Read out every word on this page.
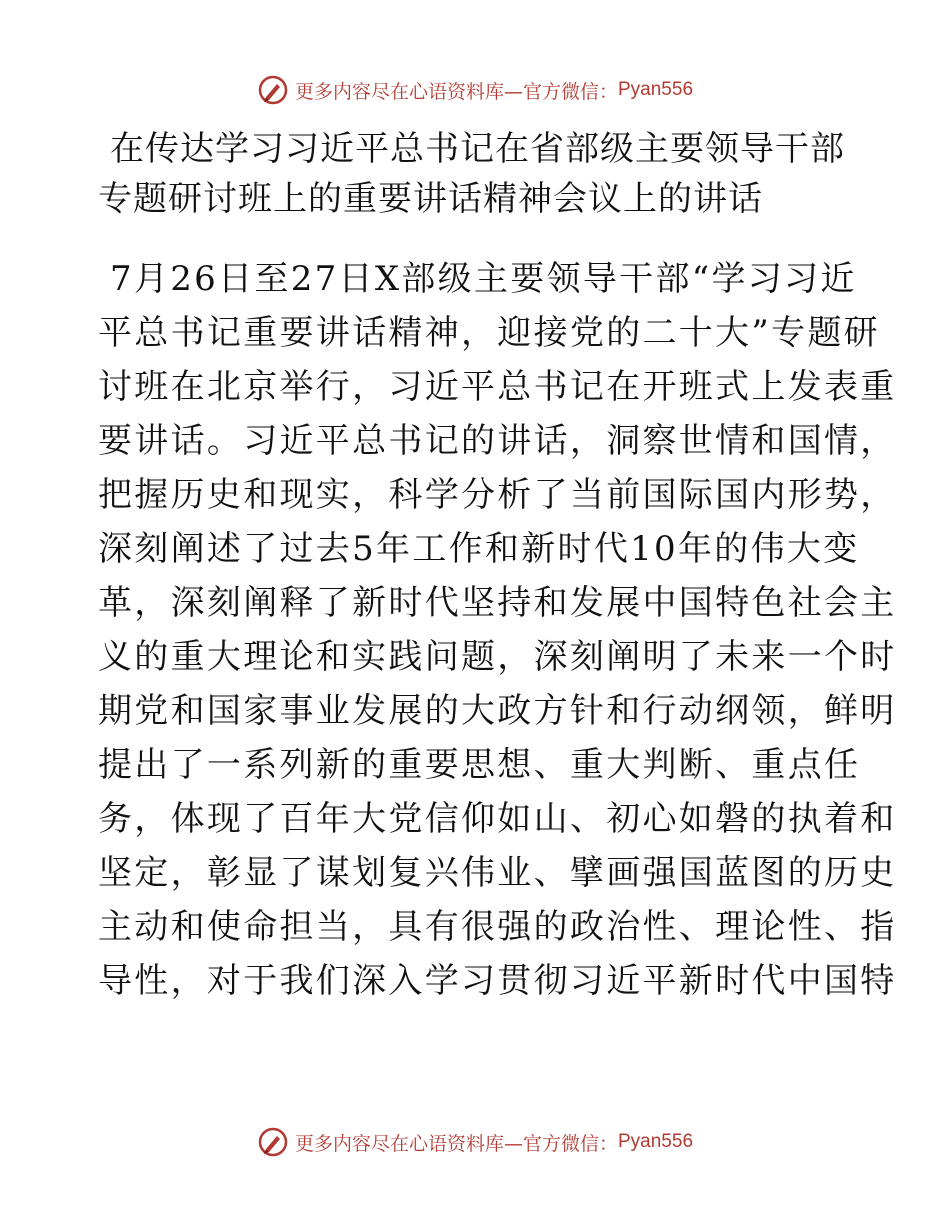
更多内容尽在心语资料库—官方微信： Pyan556
在传达学习习近平总书记在省部级主要领导干部
专题研讨班上的重要讲话精神会议上的讲话
7月26日至27日X部级主要领导干部“学习习近
平总书记重要讲话精神，迎接党的二十大”专题研
讨班在北京举行，习近平总书记在开班式上发表重
要讲话。习近平总书记的讲话，洞察世情和国情，
把握历史和现实，科学分析了当前国际国内形势，
深刻阐述了过去5年工作和新时代10年的伟大变
革，深刻阐释了新时代坚持和发展中国特色社会主
义的重大理论和实践问题，深刻阐明了未来一个时
期党和国家事业发展的大政方针和行动纲领，鲜明
提出了一系列新的重要思想、重大判断、重点任
务，体现了百年大党信仰如山、初心如磐的执着和
坚定，彰显了谋划复兴伟业、擘画强国蓝图的历史
主动和使命担当，具有很强的政治性、理论性、指
导性，对于我们深入学习贯彻习近平新时代中国特
更多内容尽在心语资料库—官方微信： Pyan556
